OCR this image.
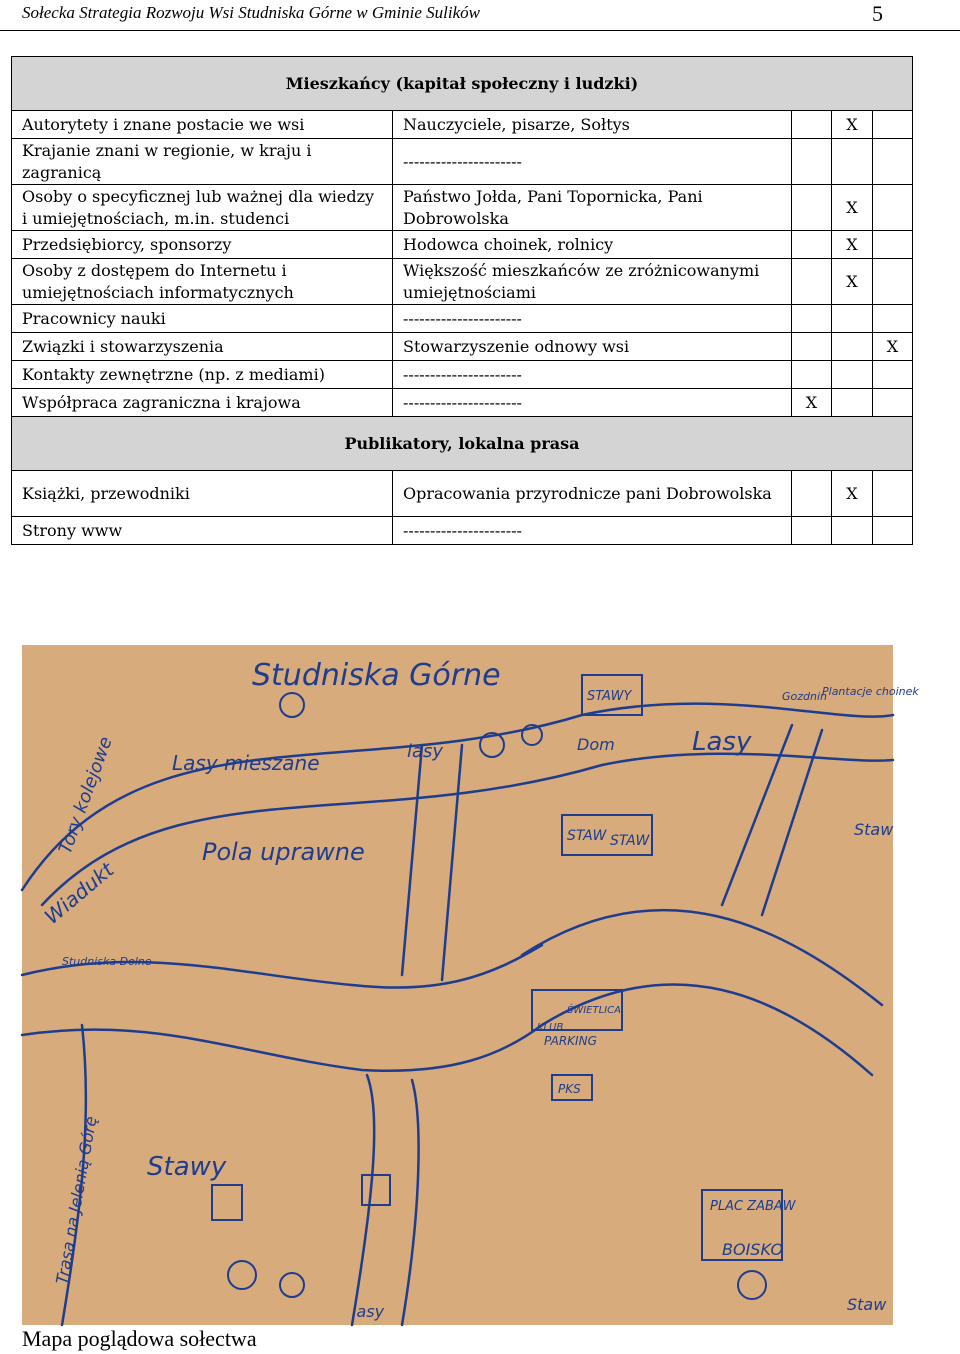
Sołecka Strategia Rozwoju Wsi Studniska Górne w Gminie Sulików	5
Mieszkańcy (kapitał społeczny i ludzki)				
Autorytety i znane postacie we wsi	Nauczyciele, pisarze, Sołtys		X	
Krajanie znani w regionie, w kraju i zagranicą	----------------------			
Osoby o specyficznej lub ważnej dla wiedzy i umiejętnościach, m.in. studenci	Państwo Jołda, Pani Topornicka, Pani Dobrowolska		X	
Przedsiębiorcy, sponsorzy	Hodowca choinek, rolnicy		X	
Osoby z dostępem do Internetu i umiejętnościach informatycznych	Większość mieszkańców ze zróżnicowanymi umiejętnościami		X	
Pracownicy nauki	----------------------			
Związki i stowarzyszenia	Stowarzyszenie odnowy wsi			X
Kontakty zewnętrzne (np. z mediami)	----------------------			
Współpraca zagraniczna i krajowa	----------------------	X		
Publikatory, lokalna prasa				
Książki, przewodniki	Opracowania przyrodnicze pani Dobrowolska		X	
Strony www	----------------------			
Studniska Górne
STAWY
Dom	Lasy
Gozdnin
Plantacje choinek
Lasy mieszane	lasy
Pola uprawne
Tory kolejowe
Wiadukt
STAW STAW
Staw
Studniska Dolne
ŚWIETLICA
KLUB
PARKING
PKS
Trasa na Jelenią Górę Stawy
PLAC ZABAW
BOISKO
lasy	Staw
Mapa poglądowa sołectwa
